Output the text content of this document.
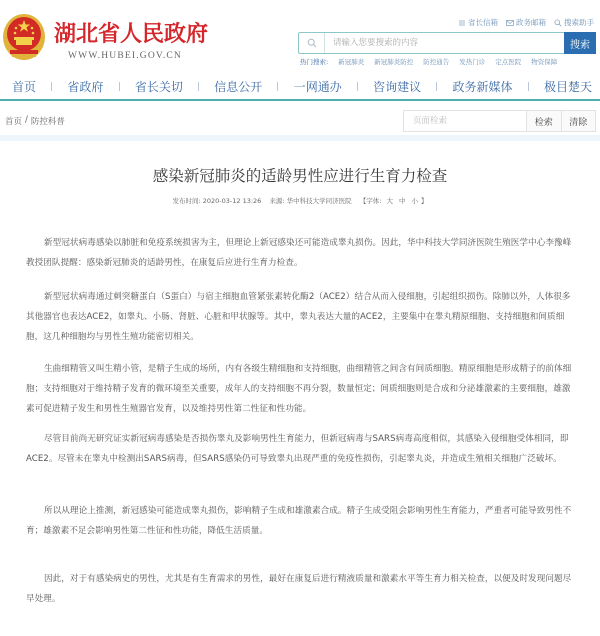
湖北省人民政府
WWW.HUBEI.GOV.CN
省长信箱 政务邮箱 搜索助手
请输入您要搜索的内容
搜索
热门搜索: 新冠肺炎 新冠肺炎防控 防控通告 发热门诊 定点医院 物资保障
首页	省政府	省长关切	信息公开	一网通办	咨询建议	政务新媒体	极目楚天
首页 / 防控科普
页面检索	检索	清除
感染新冠肺炎的适龄男性应进行生育力检查
发布时间: 2020-03-12 13:26 来源: 华中科技大学同济医院 【字体: 大 中 小 】

新型冠状病毒感染以肺脏和免疫系统损害为主，但理论上新冠感染还可能造成睾丸损伤。因此，华中科技大学同济医院生殖医学中心李豫峰教授团队提醒：感染新冠肺炎的适龄男性，在康复后应进行生育力检查。

新型冠状病毒通过刺突糖蛋白（S蛋白）与宿主细胞血管紧张素转化酶2（ACE2）结合从而入侵细胞，引起组织损伤。除肺以外，人体很多其他器官也表达ACE2，如睾丸、小肠、肾脏、心脏和甲状腺等。其中，睾丸表达大量的ACE2，主要集中在睾丸精原细胞、支持细胞和间质细胞，这几种细胞均与男性生殖功能密切相关。

生曲细精管又叫生精小管，是精子生成的场所，内有各级生精细胞和支持细胞，曲细精管之间含有间质细胞。精原细胞是形成精子的前体细胞；支持细胞对于维持精子发育的微环境至关重要，成年人的支持细胞不再分裂，数量恒定；间质细胞则是合成和分泌雄激素的主要细胞，雄激素可促进精子发生和男性生殖器官发育，以及维持男性第二性征和性功能。

尽管目前尚无研究证实新冠病毒感染是否损伤睾丸及影响男性生育能力，但新冠病毒与SARS病毒高度相似，其感染入侵细胞受体相同，即ACE2。尽管未在睾丸中检测出SARS病毒，但SARS感染仍可导致睾丸出现严重的免疫性损伤，引起睾丸炎，并造成生殖相关细胞广泛破坏。

所以从理论上推测，新冠感染可能造成睾丸损伤，影响精子生成和雄激素合成。精子生成受阻会影响男性生育能力，严重者可能导致男性不育；雄激素不足会影响男性第二性征和性功能，降低生活质量。

因此，对于有感染病史的男性，尤其是有生育需求的男性，最好在康复后进行精液质量和激素水平等生育力相关检查，以便及时发现问题尽早处理。
